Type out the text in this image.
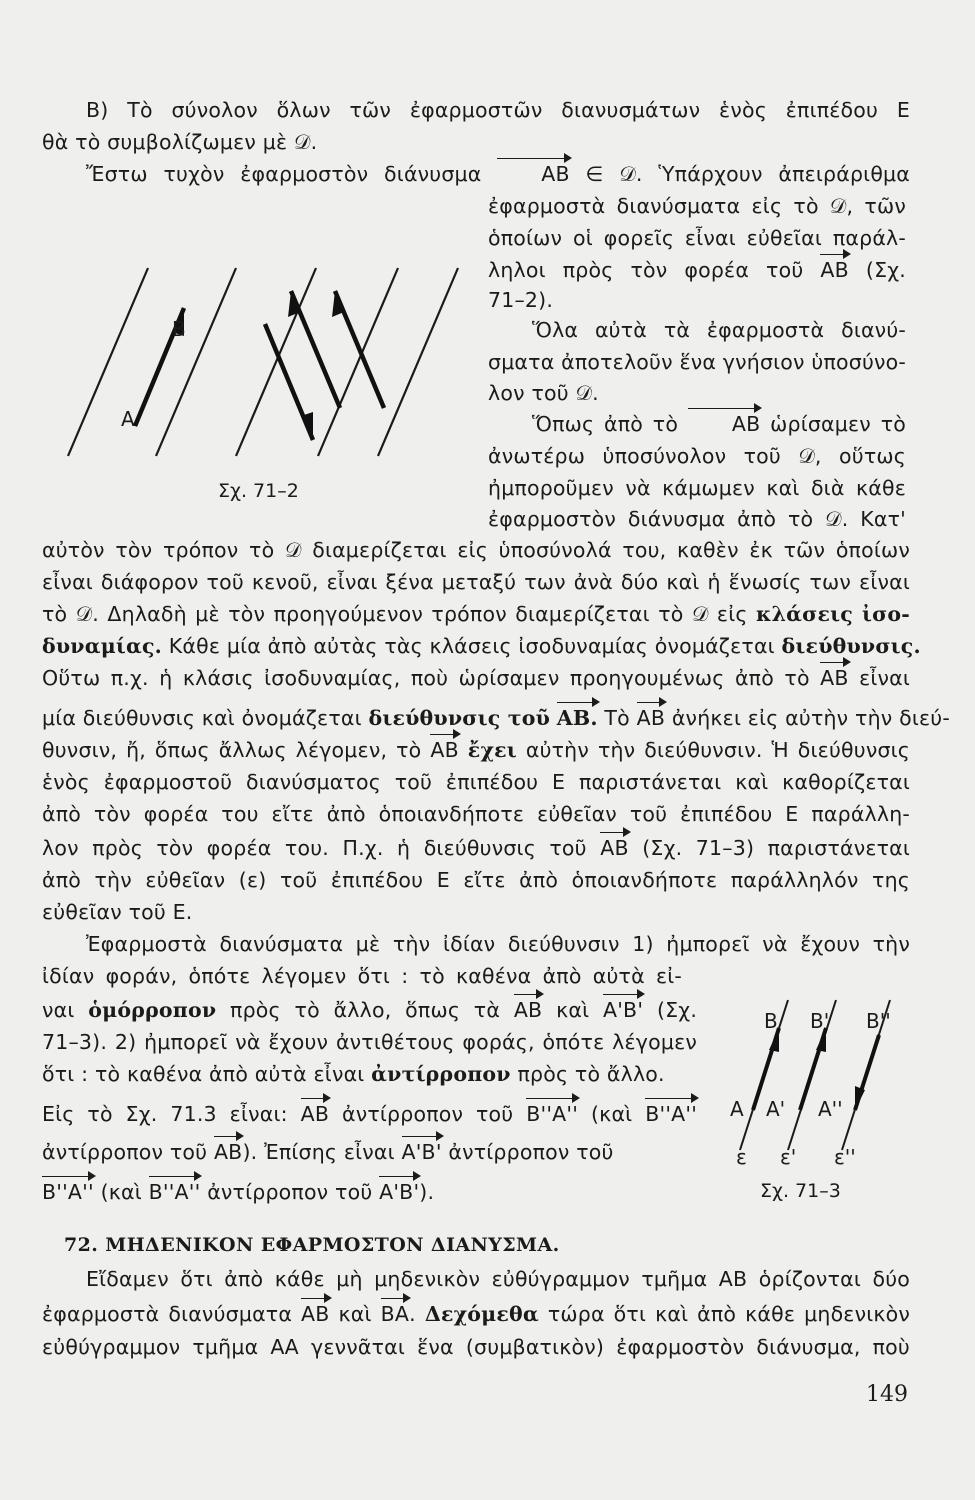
Β) Τὸ σύνολον ὅλων τῶν ἐφαρμοστῶν διανυσμάτων ἑνὸς ἐπιπέδου Ε
θὰ τὸ συμβολίζωμεν μὲ 𝒟.
Ἔστω τυχὸν ἐφαρμοστὸν διάνυσμα	AB ∈ 𝒟. Ὑπάρχουν ἀπειράριθμα
ἐφαρμοστὰ διανύσματα εἰς τὸ 𝒟, τῶν
ὁποίων οἱ φορεῖς εἶναι εὐθεῖαι παράλ-
ληλοι πρὸς τὸν φορέα τοῦ AB (Σχ.
71–2).
Ὅλα αὐτὰ τὰ ἐφαρμοστὰ διανύ-
σματα ἀποτελοῦν ἕνα γνήσιον ὑποσύνο-
λον τοῦ 𝒟.
Ὅπως ἀπὸ τὸ	AB ὡρίσαμεν τὸ
ἀνωτέρω ὑποσύνολον τοῦ 𝒟, οὕτως
ἠμποροῦμεν νὰ κάμωμεν καὶ διὰ κάθε
ἐφαρμοστὸν διάνυσμα ἀπὸ τὸ 𝒟. Κατ'
B
A
Σχ. 71–2
αὐτὸν τὸν τρόπον τὸ 𝒟 διαμερίζεται εἰς ὑποσύνολά του, καθὲν ἐκ τῶν ὁποίων
εἶναι διάφορον τοῦ κενοῦ, εἶναι ξένα μεταξύ των ἀνὰ δύο καὶ ἡ ἕνωσίς των εἶναι
τὸ 𝒟. Δηλαδὴ μὲ τὸν προηγούμενον τρόπον διαμερίζεται τὸ 𝒟 εἰς κλάσεις ἰσο-
δυναμίας. Κάθε μία ἀπὸ αὐτὰς τὰς κλάσεις ἰσοδυναμίας ὀνομάζεται διεύθυνσις.
Οὕτω π.χ. ἡ κλάσις ἰσοδυναμίας, ποὺ ὡρίσαμεν προηγουμένως ἀπὸ τὸ AB εἶναι
μία διεύθυνσις καὶ ὀνομάζεται διεύθυνσις τοῦ AB. Τὸ AB ἀνήκει εἰς αὐτὴν τὴν διεύ-
θυνσιν, ἤ, ὅπως ἄλλως λέγομεν, τὸ AB ἔχει αὐτὴν τὴν διεύθυνσιν. Ἡ διεύθυνσις
ἑνὸς ἐφαρμοστοῦ διανύσματος τοῦ ἐπιπέδου Ε παριστάνεται καὶ καθορίζεται
ἀπὸ τὸν φορέα του εἴτε ἀπὸ ὁποιανδήποτε εὐθεῖαν τοῦ ἐπιπέδου Ε παράλλη-
λον πρὸς τὸν φορέα του. Π.χ. ἡ διεύθυνσις τοῦ AB (Σχ. 71–3) παριστάνεται
ἀπὸ τὴν εὐθεῖαν (ε) τοῦ ἐπιπέδου Ε εἴτε ἀπὸ ὁποιανδήποτε παράλληλόν της
εὐθεῖαν τοῦ Ε.
Ἐφαρμοστὰ διανύσματα μὲ τὴν ἰδίαν διεύθυνσιν 1) ἠμπορεῖ νὰ ἔχουν τὴν
ἰδίαν φοράν, ὁπότε λέγομεν ὅτι : τὸ καθένα ἀπὸ αὐτὰ εἰ-
ναι ὁμόρροπον πρὸς τὸ ἄλλο, ὅπως τὰ AB καὶ A'B' (Σχ.
71–3). 2) ἠμπορεῖ νὰ ἔχουν ἀντιθέτους φοράς, ὁπότε λέγομεν
ὅτι : τὸ καθένα ἀπὸ αὐτὰ εἶναι ἀντίρροπον πρὸς τὸ ἄλλο.
Εἰς τὸ Σχ. 71.3 εἶναι: AB ἀντίρροπον τοῦ B''A'' (καὶ B''A''
ἀντίρροπον τοῦ AB
). Ἐπίσης εἶναι A'B' ἀντίρροπον τοῦ
B''A'' (καὶ B''A'' ἀντίρροπον τοῦ A'B'
).
B B' B''
A A' A''
ε ε' ε''
Σχ. 71–3
72. ΜΗΔΕΝΙΚΟΝ ΕΦΑΡΜΟΣΤΟΝ ΔΙΑΝΥΣΜΑ.
Εἴδαμεν ὅτι ἀπὸ κάθε μὴ μηδενικὸν εὐθύγραμμον τμῆμα ΑΒ ὁρίζονται δύο
ἐφαρμοστὰ διανύσματα AB καὶ BA
. Δεχόμεθα τώρα ὅτι καὶ ἀπὸ κάθε μηδενικὸν
εὐθύγραμμον τμῆμα ΑΑ γεννᾶται ἕνα (συμβατικὸν) ἐφαρμοστὸν διάνυσμα, ποὺ
149
